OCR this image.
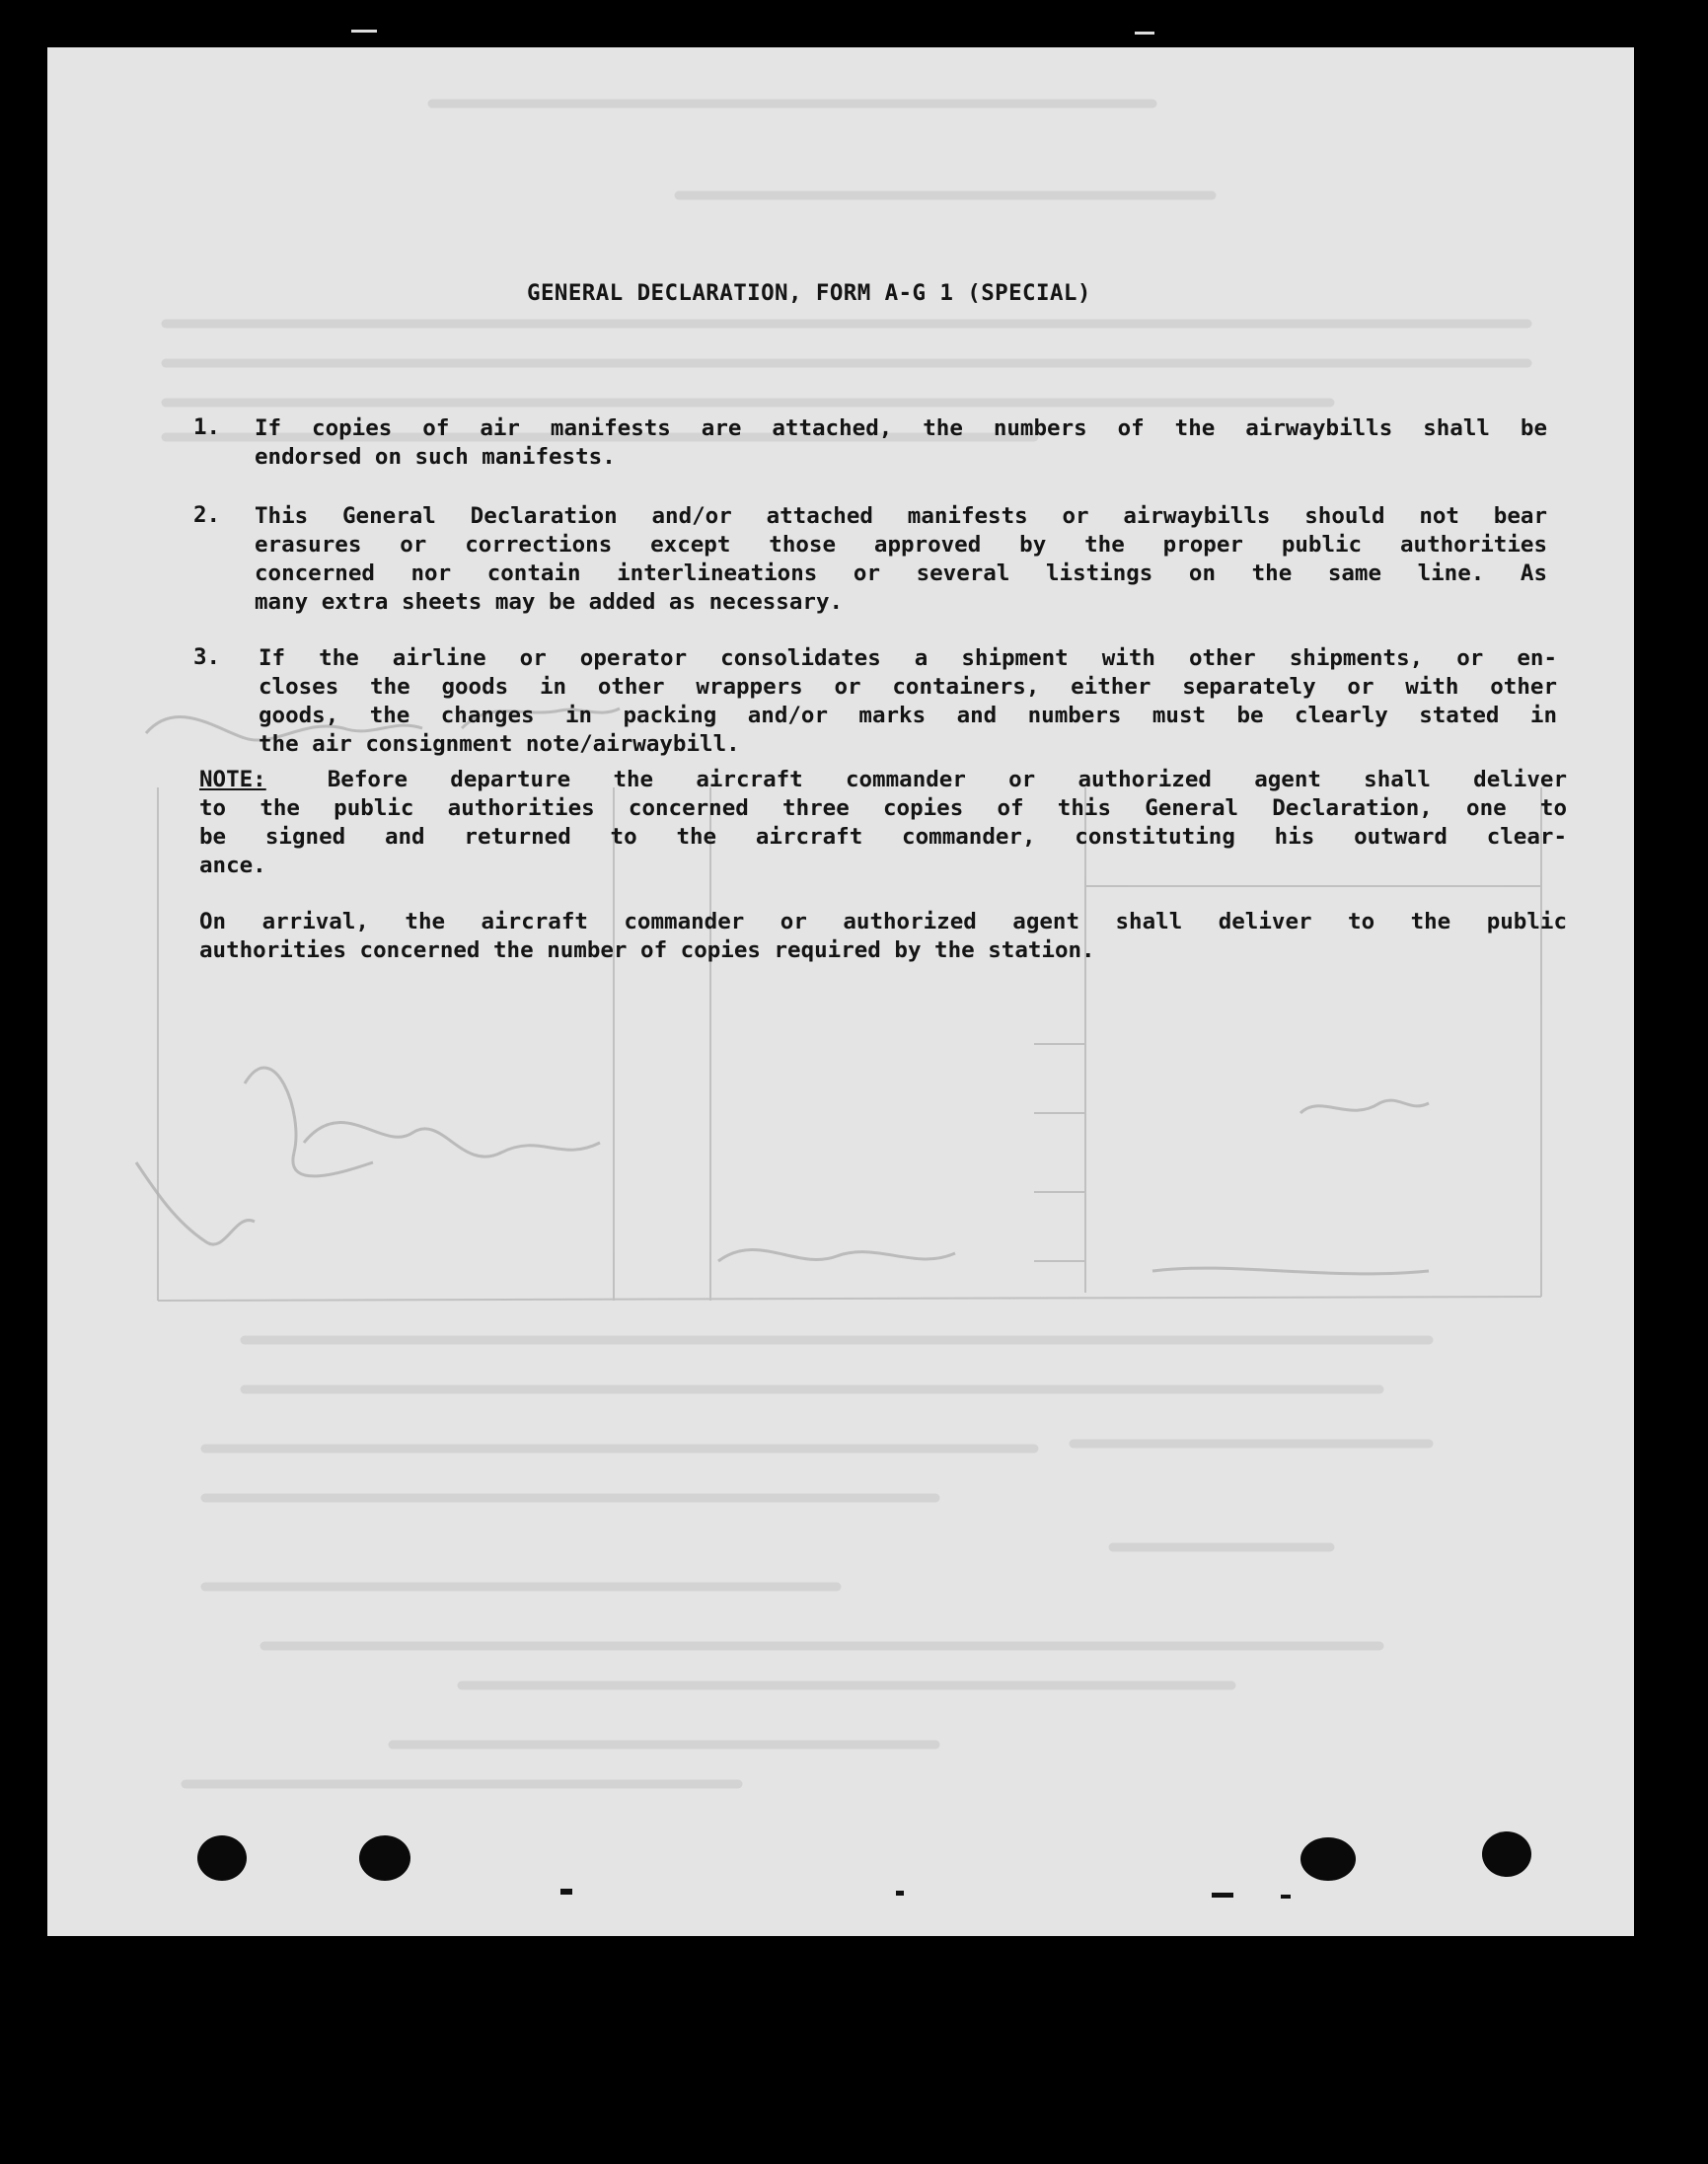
GENERAL DECLARATION, FORM A-G 1 (SPECIAL)
1.	If copies of air manifests are attached, the numbers of the airwaybills shall be
endorsed on such manifests.
2.	This General Declaration and/or attached manifests or airwaybills should not bear
erasures or corrections except those approved by the proper public authorities
concerned nor contain interlineations or several listings on the same line. As
many extra sheets may be added as necessary.
3.	If the airline or operator consolidates a shipment with other shipments, or en-
closes the goods in other wrappers or containers, either separately or with other
goods, the changes in packing and/or marks and numbers must be clearly stated in
the air consignment note/airwaybill.
NOTE:	Before departure the aircraft commander or authorized agent shall deliver
to the public authorities concerned three copies of this General Declaration, one to
be signed and returned to the aircraft commander, constituting his outward clear-
ance.
On arrival, the aircraft commander or authorized agent shall deliver to the public
authorities concerned the number of copies required by the station.
